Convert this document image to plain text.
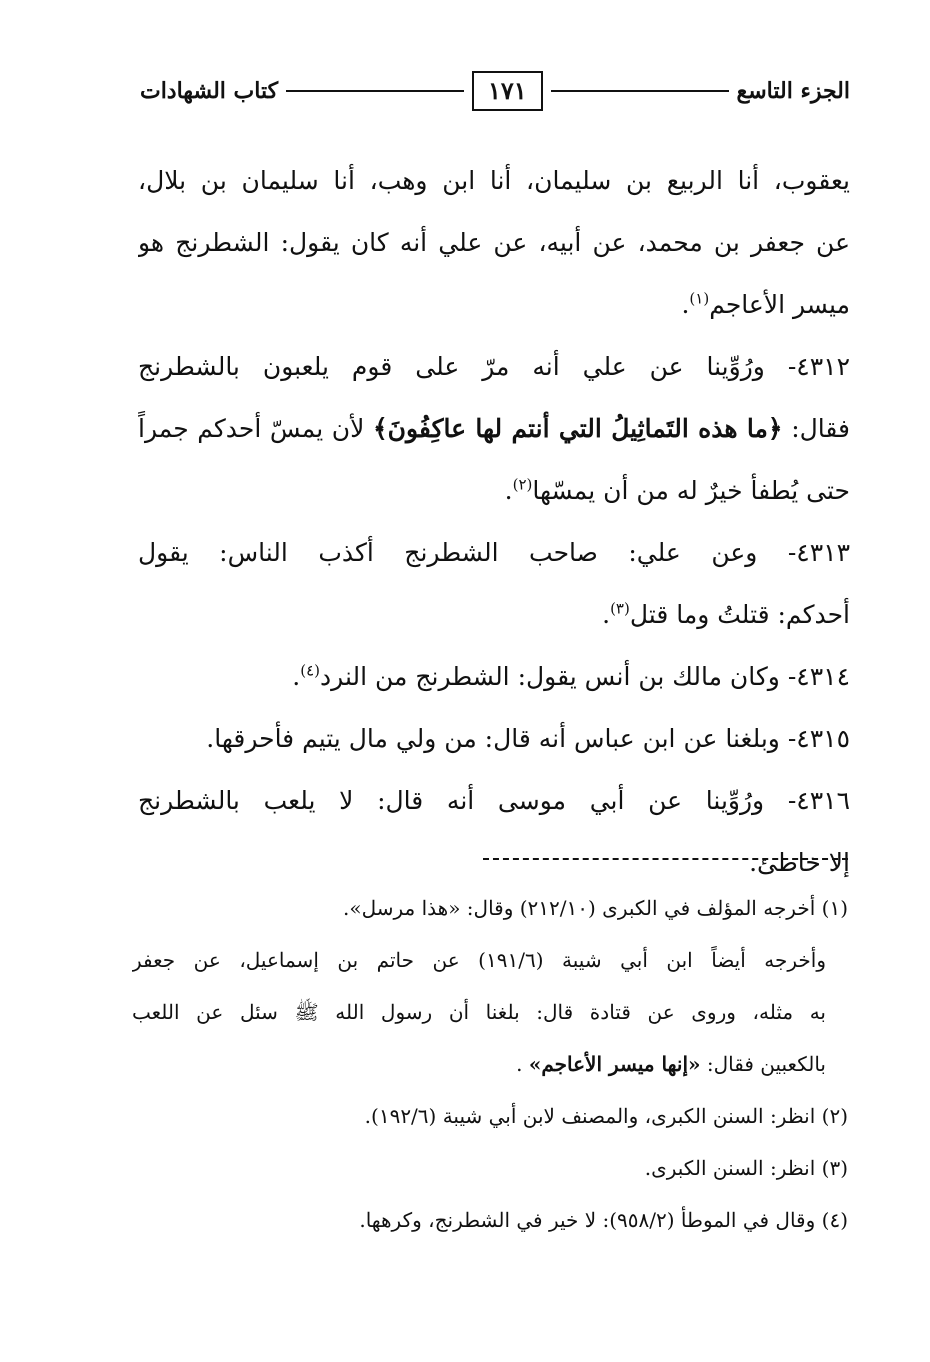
الجزء التاسع
١٧١
كتاب الشهادات
يعقوب، أنا الربيع بن سليمان، أنا ابن وهب، أنا سليمان بن بلال،
عن جعفر بن محمد، عن أبيه، عن علي أنه كان يقول: الشطرنج هو
ميسر الأعاجم$^{(١)}$.
٤٣١٢- ورُوِّينا عن علي أنه مرّ على قوم يلعبون بالشطرنج
فقال: ﴿ما هذه التَماثِيلُ التي أنتم لها عاكِفُونَ﴾ لأن يمسّ أحدكم جمراً
حتى يُطفأ خيرٌ له من أن يمسّها$^{(٢)}$.
٤٣١٣- وعن علي: صاحب الشطرنج أكذب الناس: يقول
أحدكم: قتلتُ وما قتل$^{(٣)}$.
٤٣١٤- وكان مالك بن أنس يقول: الشطرنج من النرد$^{(٤)}$.
٤٣١٥- وبلغنا عن ابن عباس أنه قال: من ولي مال يتيم فأحرقها.
٤٣١٦- ورُوِّينا عن أبي موسى أنه قال: لا يلعب بالشطرنج
إلا خاطئ.
(١) أخرجه المؤلف في الكبرى (٢١٢/١٠) وقال: «هذا مرسل».
وأخرجه أيضاً ابن أبي شيبة (١٩١/٦) عن حاتم بن إسماعيل، عن جعفر
به مثله، وروى عن قتادة قال: بلغنا أن رسول الله ﷺ سئل عن اللعب
بالكعبين فقال: «إنها ميسر الأعاجم» .
(٢) انظر: السنن الكبرى، والمصنف لابن أبي شيبة (١٩٢/٦).
(٣) انظر: السنن الكبرى.
(٤) وقال في الموطأ (٩٥٨/٢): لا خير في الشطرنج، وكرهها.
